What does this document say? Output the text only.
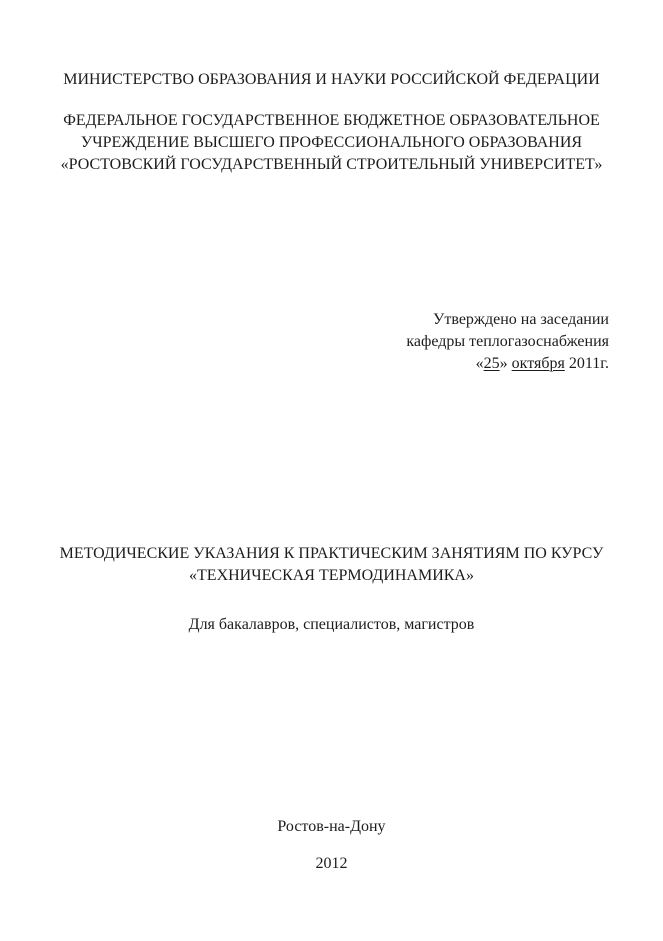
МИНИСТЕРСТВО ОБРАЗОВАНИЯ И НАУКИ РОССИЙСКОЙ ФЕДЕРАЦИИ
ФЕДЕРАЛЬНОЕ ГОСУДАРСТВЕННОЕ БЮДЖЕТНОЕ ОБРАЗОВАТЕЛЬНОЕ
УЧРЕЖДЕНИЕ ВЫСШЕГО ПРОФЕССИОНАЛЬНОГО ОБРАЗОВАНИЯ
«РОСТОВСКИЙ ГОСУДАРСТВЕННЫЙ СТРОИТЕЛЬНЫЙ УНИВЕРСИТЕТ»
Утверждено на заседании
кафедры теплогазоснабжения
«25» октября 2011г.
МЕТОДИЧЕСКИЕ УКАЗАНИЯ К ПРАКТИЧЕСКИМ ЗАНЯТИЯМ ПО КУРСУ
«ТЕХНИЧЕСКАЯ ТЕРМОДИНАМИКА»
Для бакалавров, специалистов, магистров
Ростов-на-Дону
2012
